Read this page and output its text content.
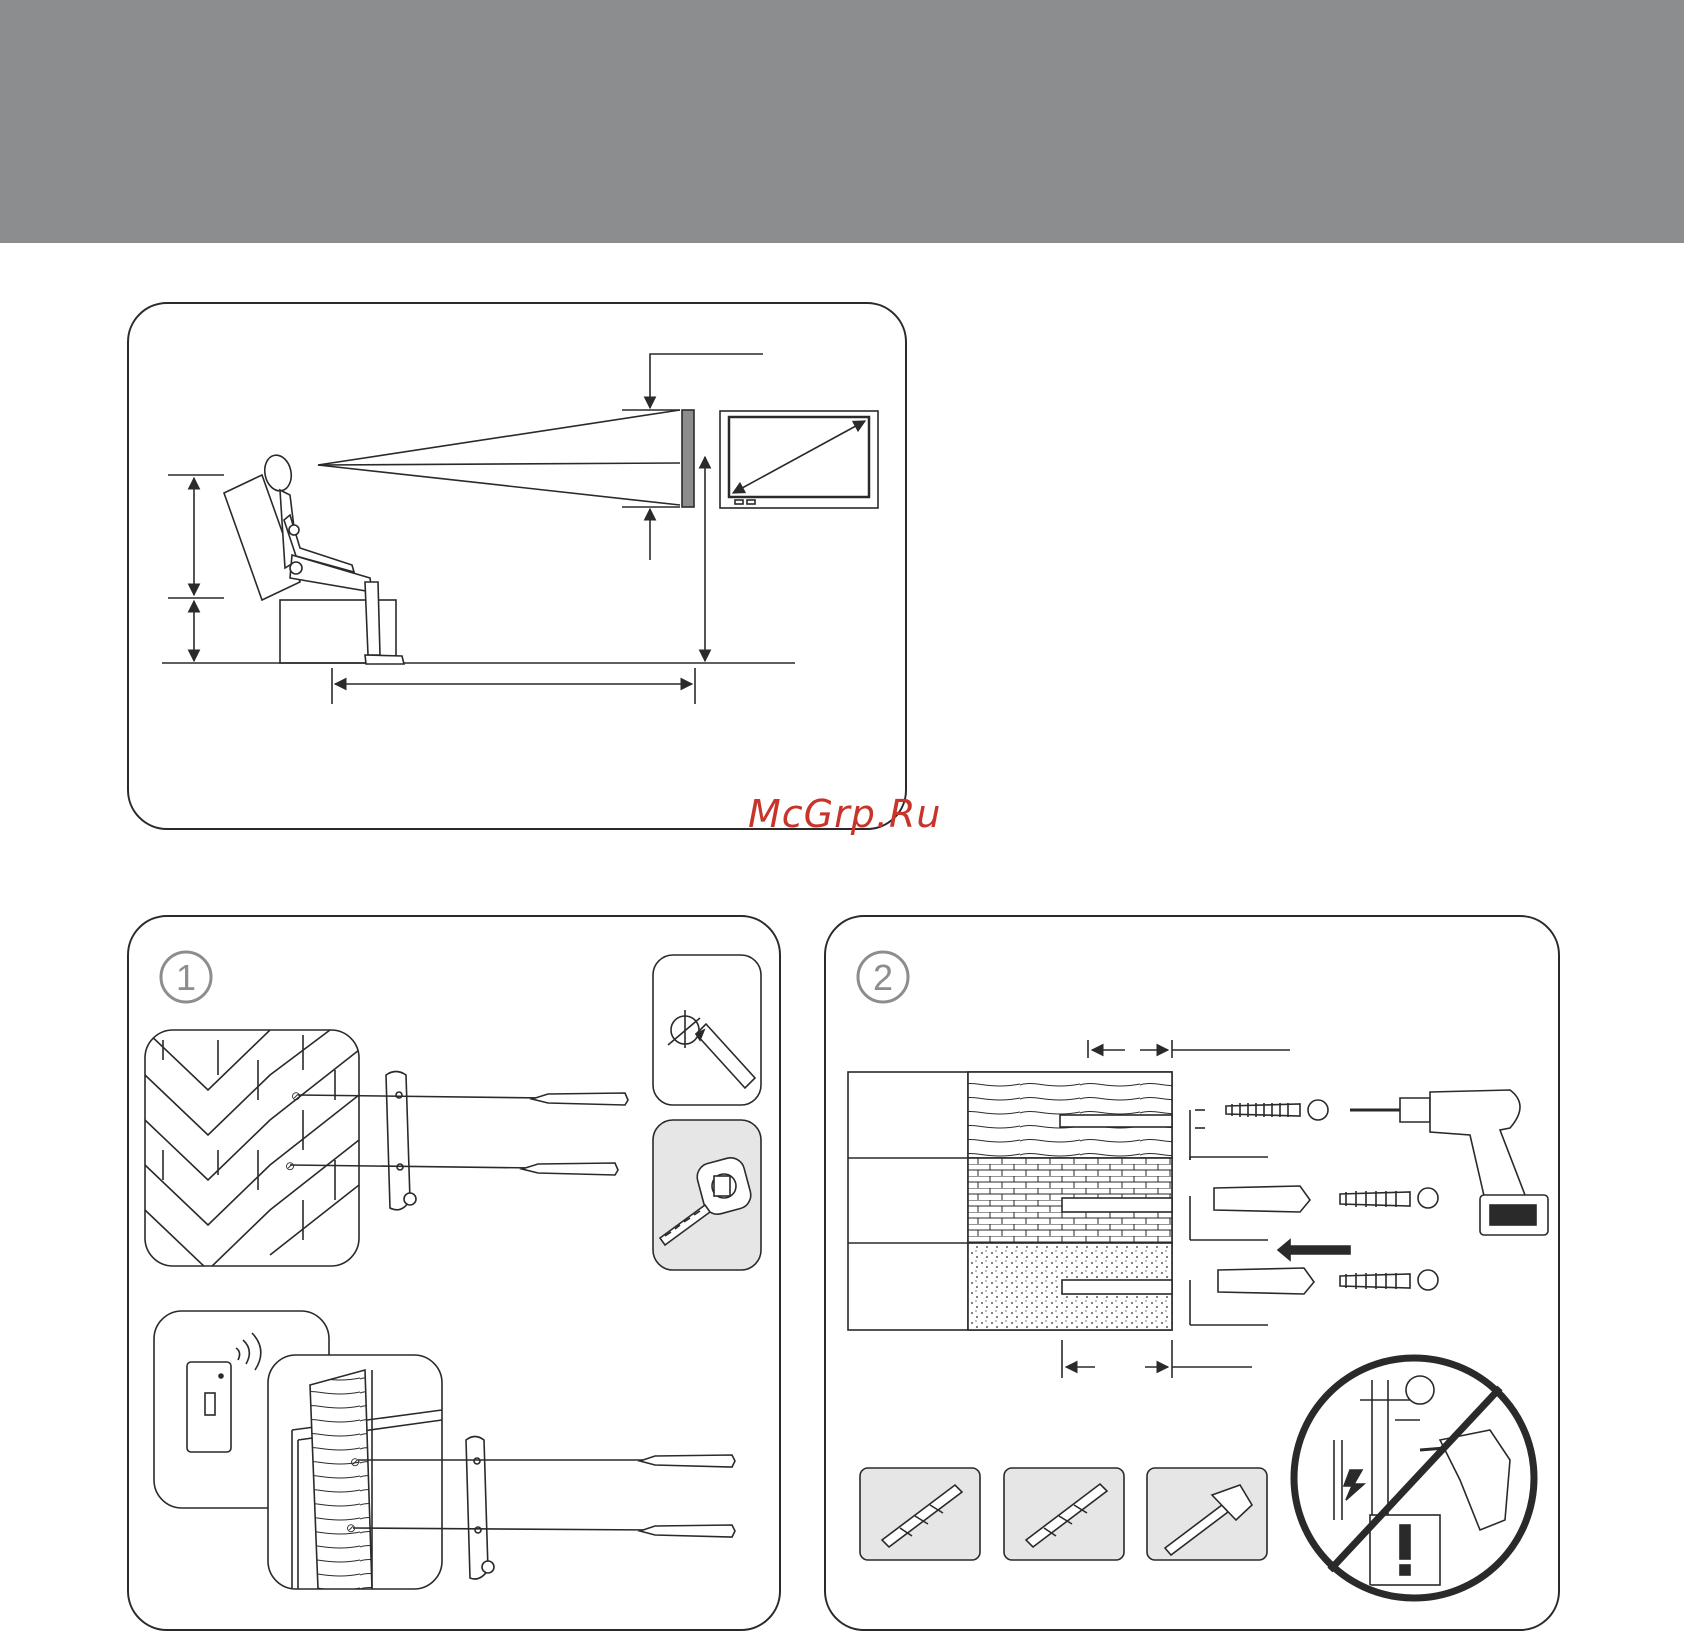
1
⊘
⊘
⊘
⊘
2
McGrp.Ru
